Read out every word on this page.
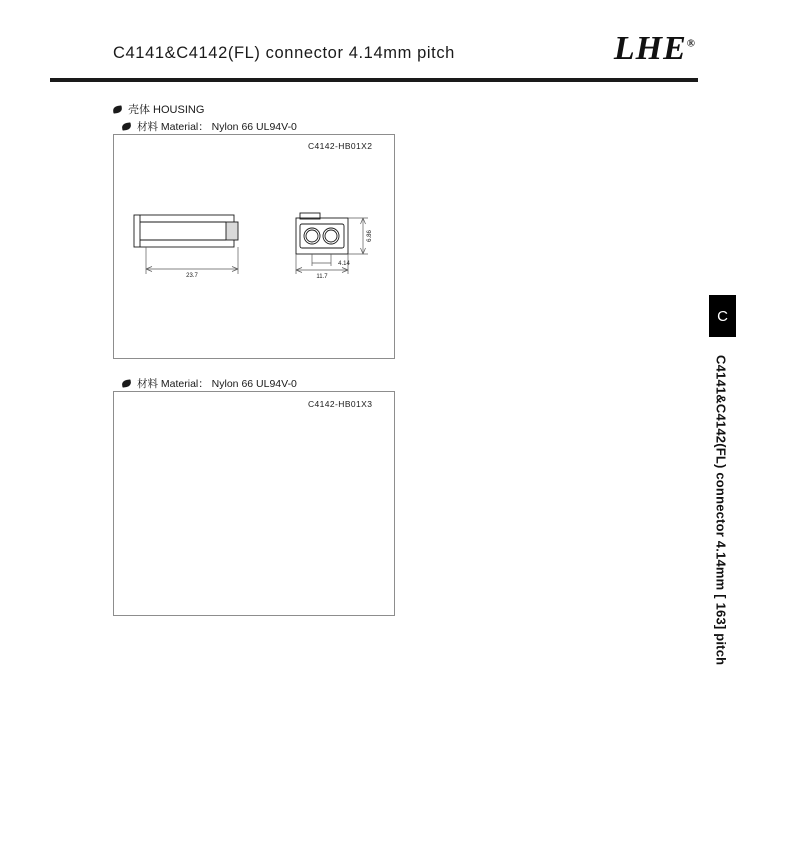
C4141&C4142(FL) connector 4.14mm pitch	LHE®
壳体 HOUSING
材料 Material： Nylon 66 UL94V-0
材料 Material： Nylon 66 UL94V-0
C4142-HB01X2
23.7
6.86
4.14
11.7
C4142-HB01X3
C
C4141&C4142(FL) connector 4.14mm [ 163] pitch
